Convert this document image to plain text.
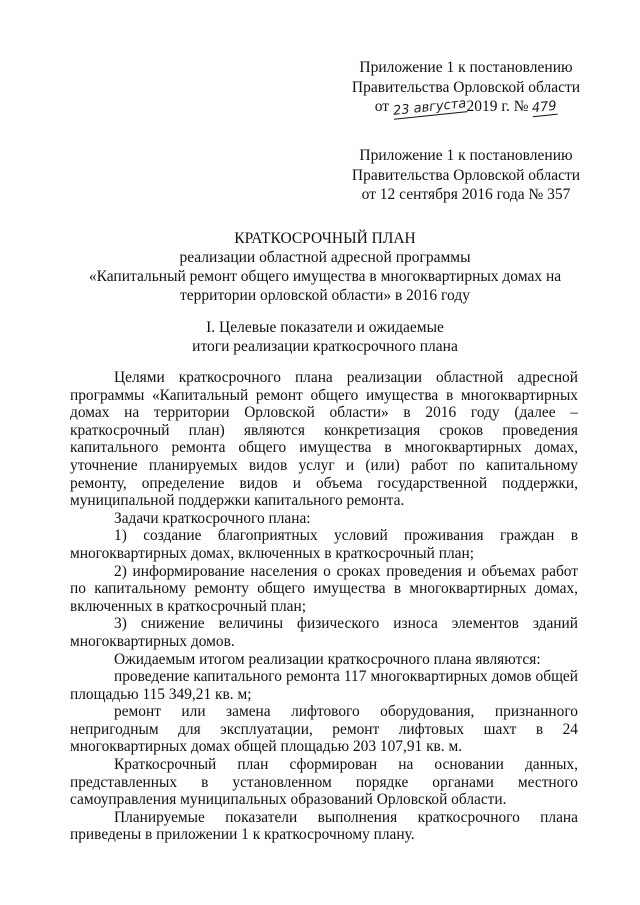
Приложение 1 к постановлению
Правительства Орловской области
от 23 августа2019 г. № 479
Приложение 1 к постановлению
Правительства Орловской области
от 12 сентября 2016 года № 357
КРАТКОСРОЧНЫЙ ПЛАН
реализации областной адресной программы
«Капитальный ремонт общего имущества в многоквартирных домах на
территории орловской области» в 2016 году
I. Целевые показатели и ожидаемые
итоги реализации краткосрочного плана

Целями краткосрочного плана реализации областной адресной программы «Капитальный ремонт общего имущества в многоквартирных домах на территории Орловской области» в 2016 году (далее – краткосрочный план) являются конкретизация сроков проведения капитального ремонта общего имущества в многоквартирных домах, уточнение планируемых видов услуг и (или) работ по капитальному ремонту, определение видов и объема государственной поддержки, муниципальной поддержки капитального ремонта.

Задачи краткосрочного плана:

1) создание благоприятных условий проживания граждан в многоквартирных домах, включенных в краткосрочный план;

2) информирование населения о сроках проведения и объемах работ по капитальному ремонту общего имущества в многоквартирных домах, включенных в краткосрочный план;

3) снижение величины физического износа элементов зданий многоквартирных домов.

Ожидаемым итогом реализации краткосрочного плана являются:

проведение капитального ремонта 117 многоквартирных домов общей площадью 115 349,21 кв. м;

ремонт или замена лифтового оборудования, признанного непригодным для эксплуатации, ремонт лифтовых шахт в 24 многоквартирных домах общей площадью 203 107,91 кв. м.

Краткосрочный план сформирован на основании данных, представленных в установленном порядке органами местного самоуправления муниципальных образований Орловской области.

Планируемые показатели выполнения краткосрочного плана приведены в приложении 1 к краткосрочному плану.
